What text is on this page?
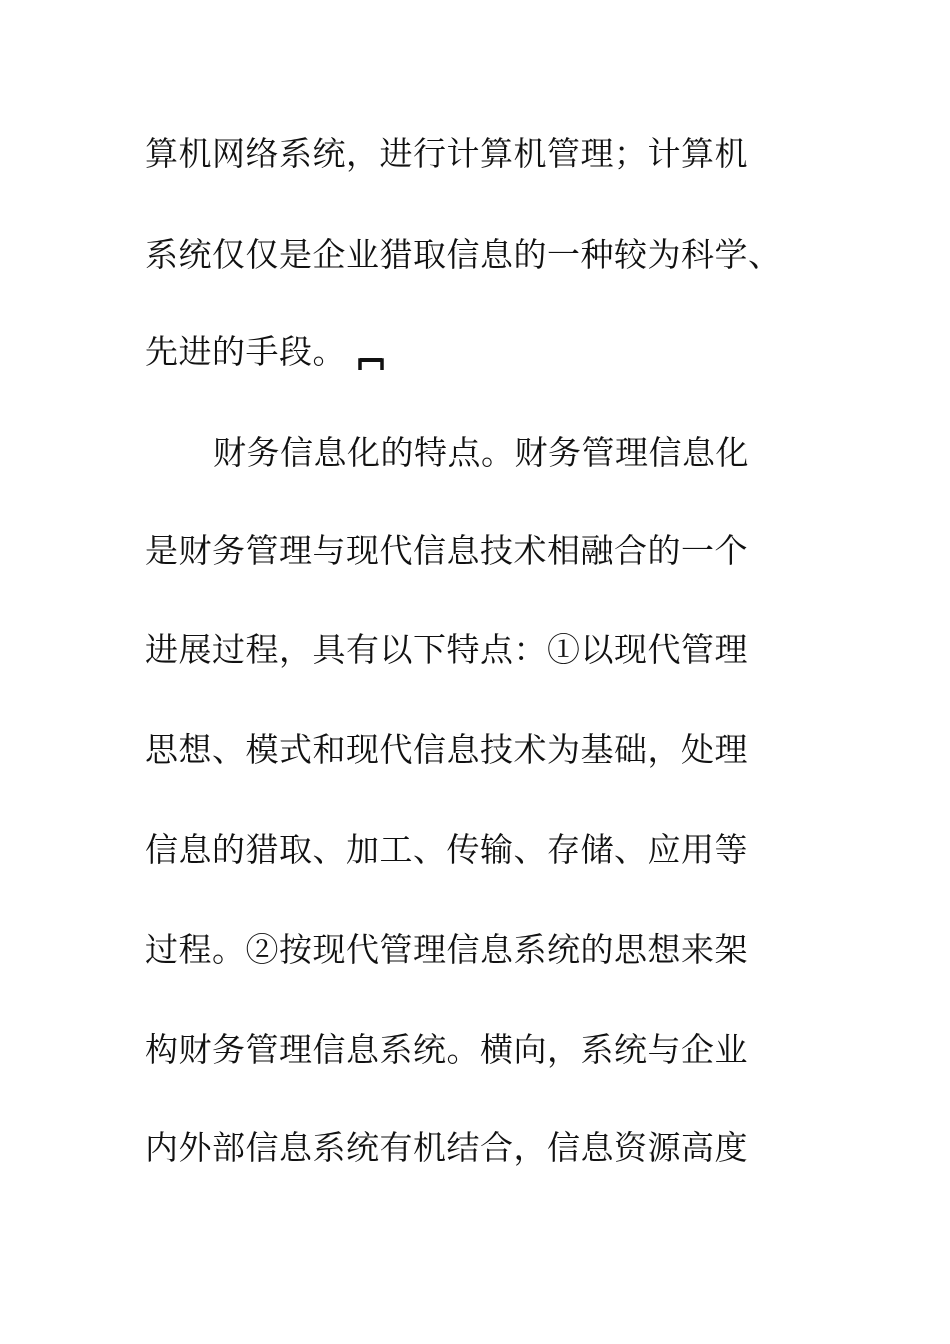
算机网络系统，进行计算机管理；计算机
系统仅仅是企业猎取信息的一种较为科学、
先进的手段。
财务信息化的特点。财务管理信息化
是财务管理与现代信息技术相融合的一个
进展过程，具有以下特点：①以现代管理
思想、模式和现代信息技术为基础，处理
信息的猎取、加工、传输、存储、应用等
过程。②按现代管理信息系统的思想来架
构财务管理信息系统。横向，系统与企业
内外部信息系统有机结合，信息资源高度
